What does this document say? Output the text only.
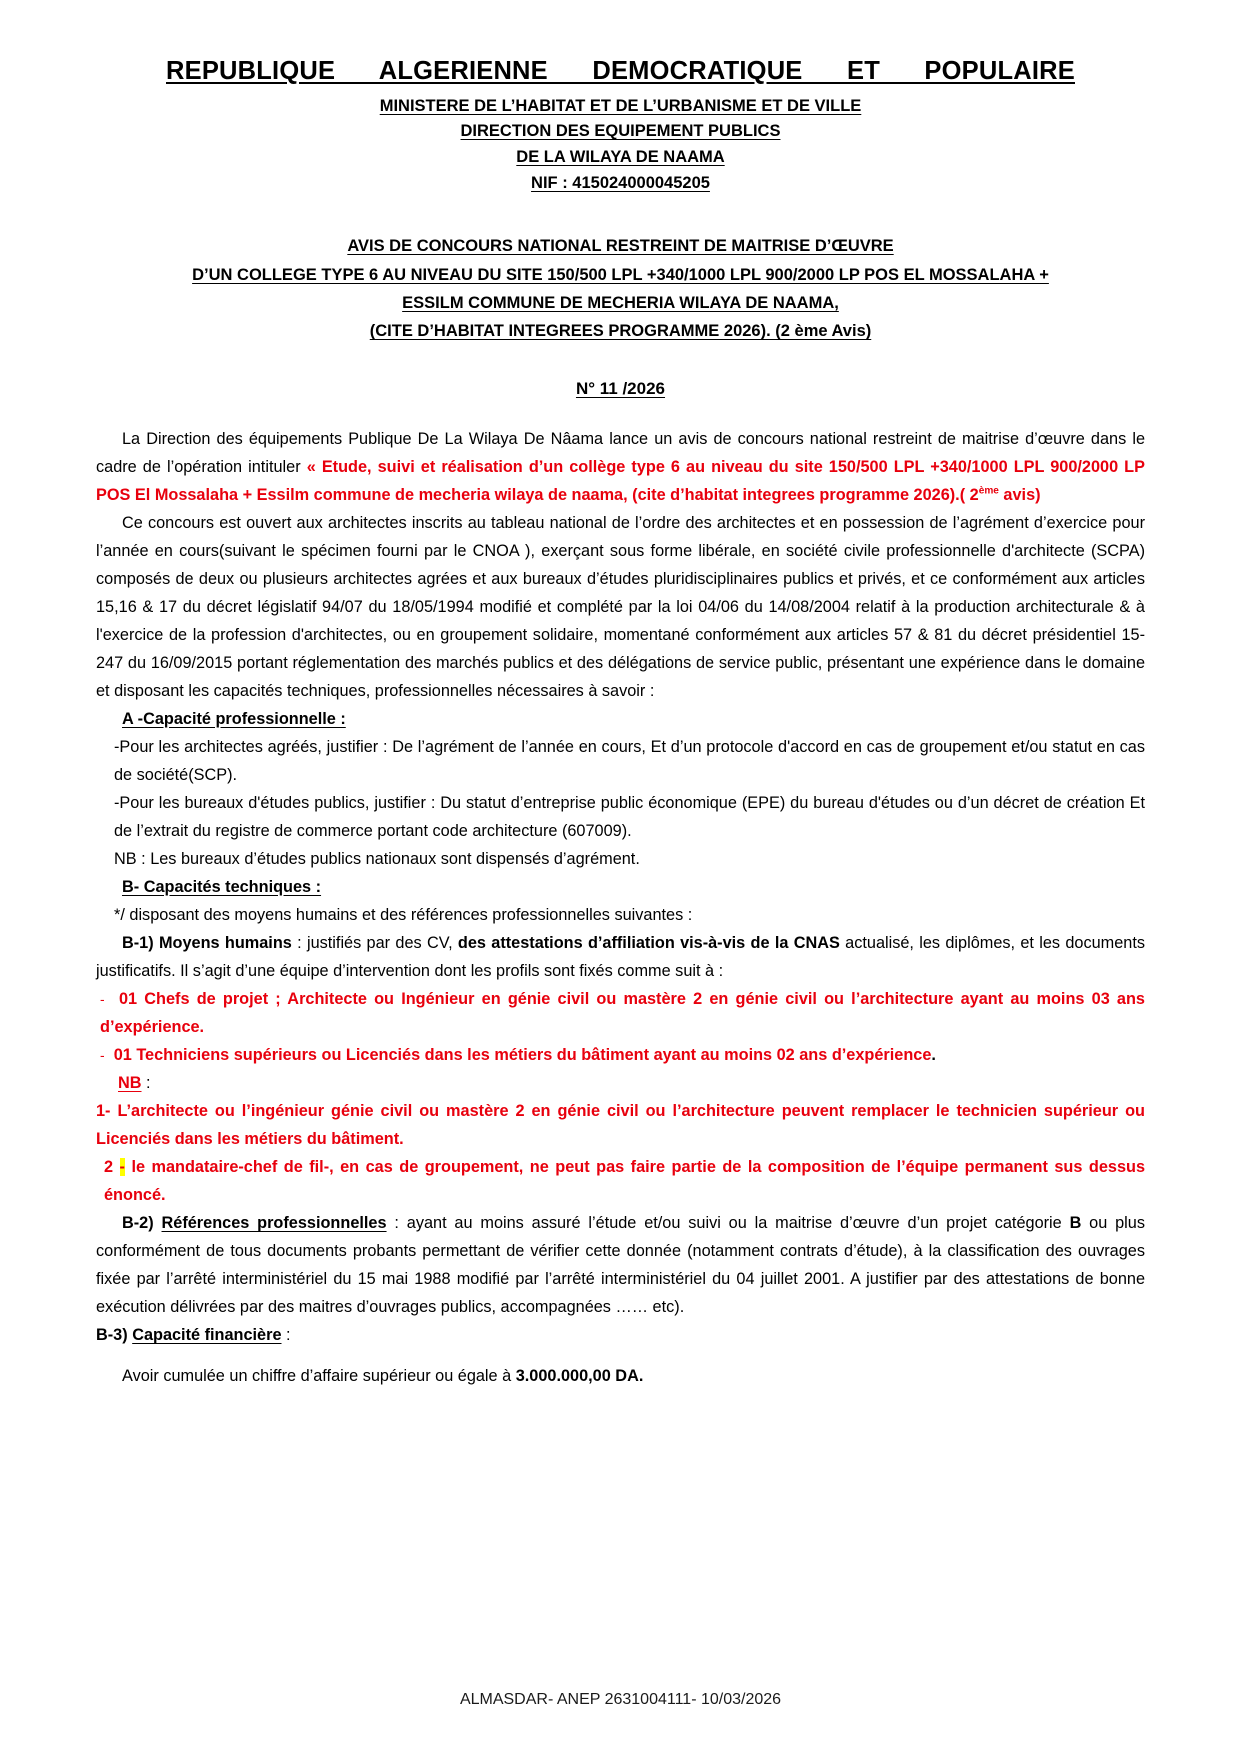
REPUBLIQUE ALGERIENNE DEMOCRATIQUE ET POPULAIRE
MINISTERE DE L’HABITAT ET DE L’URBANISME ET DE VILLE
DIRECTION DES EQUIPEMENT PUBLICS
DE LA WILAYA DE NAAMA
NIF : 415024000045205
AVIS DE CONCOURS NATIONAL RESTREINT DE MAITRISE D’ŒUVRE
D’UN COLLEGE TYPE 6 AU NIVEAU DU SITE 150/500 LPL +340/1000 LPL 900/2000 LP POS EL MOSSALAHA +
ESSILM COMMUNE DE MECHERIA WILAYA DE NAAMA,
(CITE D’HABITAT INTEGREES PROGRAMME 2026). (2 ème Avis)
N° 11 /2026

La Direction des équipements Publique De La Wilaya De Nâama lance un avis de concours national restreint de maitrise d’œuvre dans le cadre de l’opération intituler « Etude, suivi et réalisation d’un collège type 6 au niveau du site 150/500 LPL +340/1000 LPL 900/2000 LP POS El Mossalaha + Essilm commune de mecheria wilaya de naama, (cite d’habitat integrees programme 2026).( 2ème avis)

Ce concours est ouvert aux architectes inscrits au tableau national de l’ordre des architectes et en possession de l’agrément d’exercice pour l’année en cours(suivant le spécimen fourni par le CNOA ), exerçant sous forme libérale, en société civile professionnelle d'architecte (SCPA) composés de deux ou plusieurs architectes agrées et aux bureaux d’études pluridisciplinaires publics et privés, et ce conformément aux articles 15,16 & 17 du décret législatif 94/07 du 18/05/1994 modifié et complété par la loi 04/06 du 14/08/2004 relatif à la production architecturale & à l'exercice de la profession d'architectes, ou en groupement solidaire, momentané conformément aux articles 57 & 81 du décret présidentiel 15-247 du 16/09/2015 portant réglementation des marchés publics et des délégations de service public, présentant une expérience dans le domaine et disposant les capacités techniques, professionnelles nécessaires à savoir :

A -Capacité professionnelle :

-Pour les architectes agréés, justifier : De l’agrément de l’année en cours, Et d’un protocole d'accord en cas de groupement et/ou statut en cas de société(SCP).

-Pour les bureaux d'études publics, justifier : Du statut d’entreprise public économique (EPE) du bureau d'études ou d’un décret de création Et de l’extrait du registre de commerce portant code architecture (607009).

NB : Les bureaux d’études publics nationaux sont dispensés d’agrément.

B- Capacités techniques :

*/ disposant des moyens humains et des références professionnelles suivantes :

B-1) Moyens humains : justifiés par des CV, des attestations d’affiliation vis-à-vis de la CNAS actualisé, les diplômes, et les documents justificatifs. Il s’agit d’une équipe d’intervention dont les profils sont fixés comme suit à :

- 01 Chefs de projet ; Architecte ou Ingénieur en génie civil ou mastère 2 en génie civil ou l’architecture ayant au moins 03 ans d’expérience.

- 01 Techniciens supérieurs ou Licenciés dans les métiers du bâtiment ayant au moins 02 ans d’expérience.

NB :

1- L’architecte ou l’ingénieur génie civil ou mastère 2 en génie civil ou l’architecture peuvent remplacer le technicien supérieur ou Licenciés dans les métiers du bâtiment.

2 - le mandataire-chef de fil-, en cas de groupement, ne peut pas faire partie de la composition de l’équipe permanent sus dessus énoncé.

B-2) Références professionnelles : ayant au moins assuré l’étude et/ou suivi ou la maitrise d’œuvre d’un projet catégorie B ou plus conformément de tous documents probants permettant de vérifier cette donnée (notamment contrats d’étude), à la classification des ouvrages fixée par l’arrêté interministériel du 15 mai 1988 modifié par l’arrêté interministériel du 04 juillet 2001. A justifier par des attestations de bonne exécution délivrées par des maitres d’ouvrages publics, accompagnées …… etc).

B-3) Capacité financière :

Avoir cumulée un chiffre d’affaire supérieur ou égale à 3.000.000,00 DA.

ALMASDAR- ANEP 2631004111- 10/03/2026
